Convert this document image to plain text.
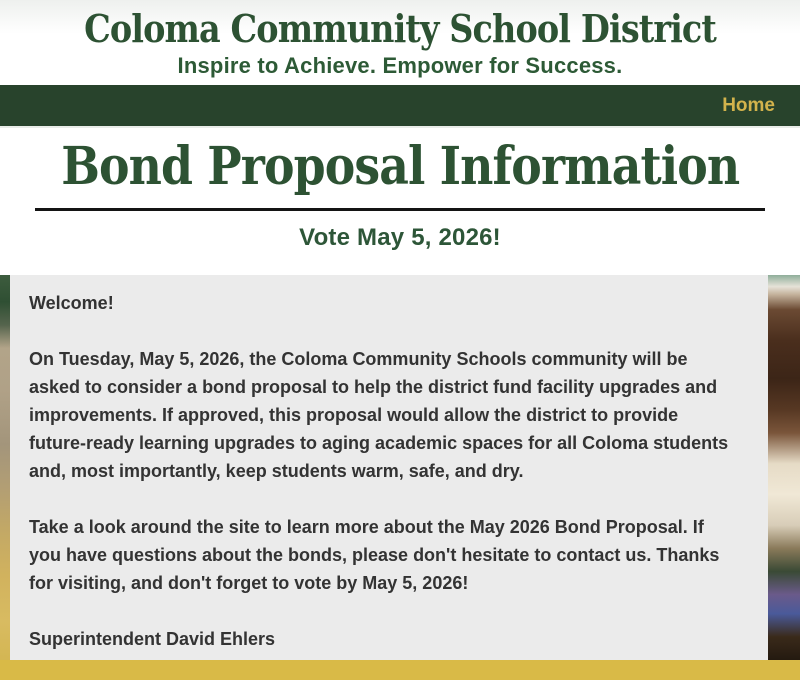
Coloma Community School District
Inspire to Achieve. Empower for Success.
Home
Bond Proposal Information
Vote May 5, 2026!

Welcome!

On Tuesday, May 5, 2026, the Coloma Community Schools community will be asked to consider a bond proposal to help the district fund facility upgrades and improvements. If approved, this proposal would allow the district to provide future-ready learning upgrades to aging academic spaces for all Coloma students and, most importantly, keep students warm, safe, and dry.

Take a look around the site to learn more about the May 2026 Bond Proposal. If you have questions about the bonds, please don't hesitate to contact us. Thanks for visiting, and don't forget to vote by May 5, 2026!

Superintendent David Ehlers
